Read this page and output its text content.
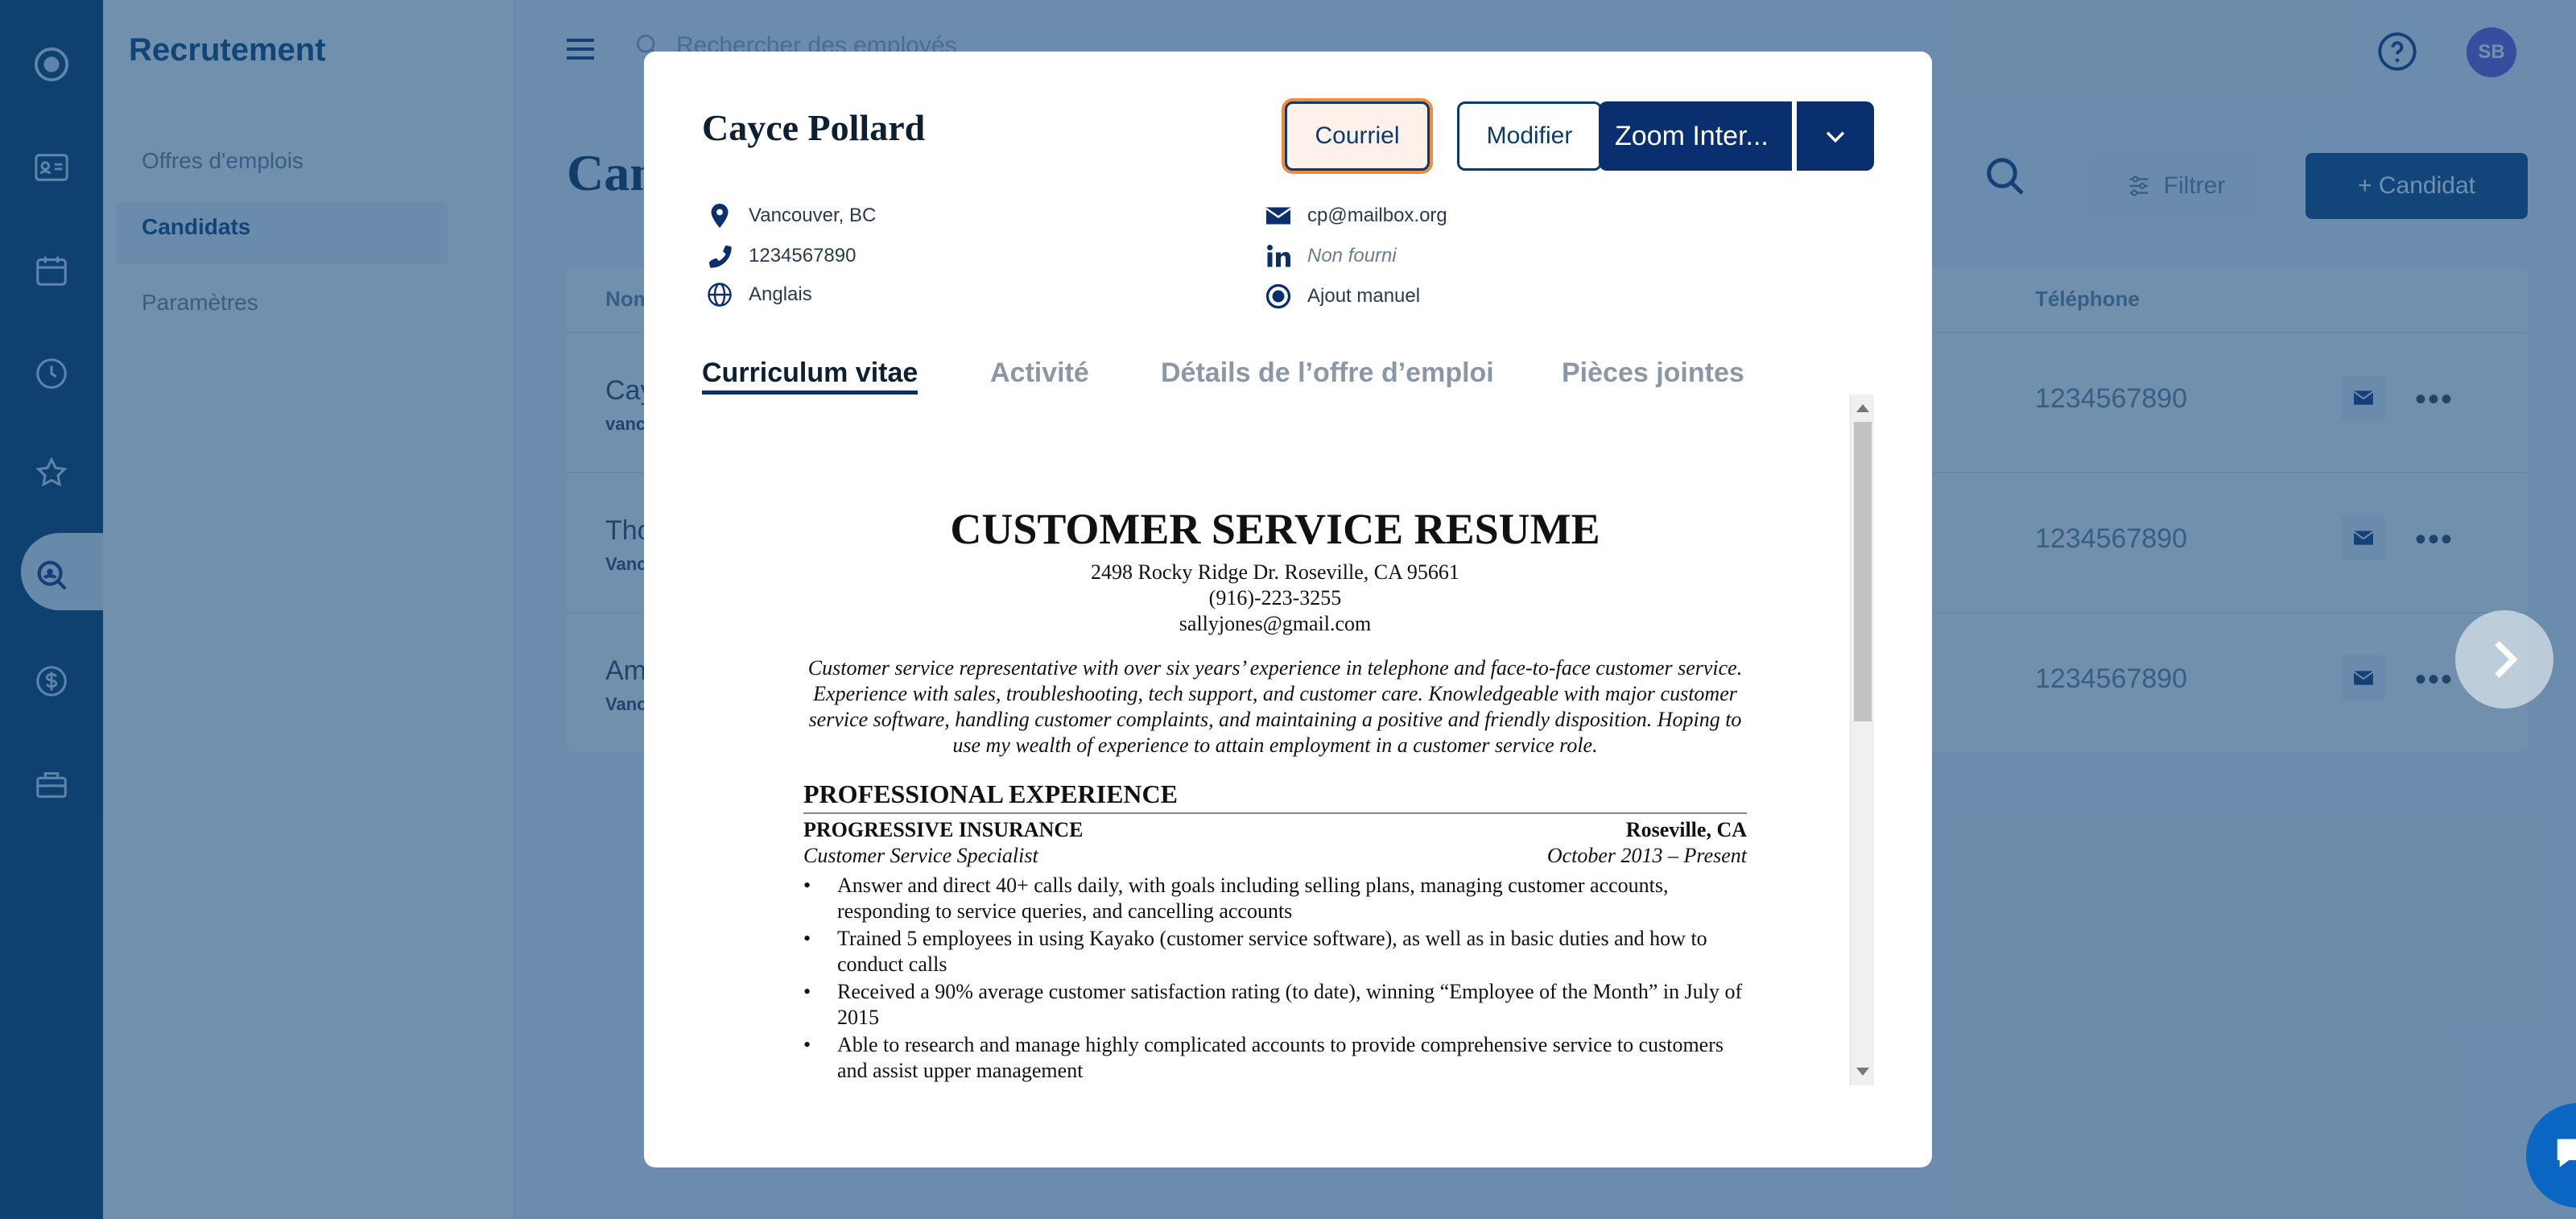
Cayce Pollard	Courriel	Modifier	Zoom Inter...
Vancouver, BC
1234567890
Anglais
cp@mailbox.org
Non fourni
Ajout manuel
Curriculum vitae	Activité	Détails de l’offre d’emploi Pièces jointes
CUSTOMER SERVICE RESUME
2498 Rocky Ridge Dr. Roseville, CA 95661
(916)-223-3255
sallyjones@gmail.com
Customer service representative with over six years’ experience in telephone and face-to-face customer service. Experience with sales, troubleshooting, tech support, and customer care. Knowledgeable with major customer service software, handling customer complaints, and maintaining a positive and friendly disposition. Hoping to use my wealth of experience to attain employment in a customer service role.
PROFESSIONAL EXPERIENCE
PROGRESSIVE INSURANCE	Roseville, CA
Customer Service Specialist	October 2013 – Present
• Answer and direct 40+ calls daily, with goals including selling plans, managing customer accounts, responding to service queries, and cancelling accounts
• Trained 5 employees in using Kayako (customer service software), as well as in basic duties and how to conduct calls
• Received a 90% average customer satisfaction rating (to date), winning “Employee of the Month” in July of 2015
• Able to research and manage highly complicated accounts to provide comprehensive service to customers and assist upper management
